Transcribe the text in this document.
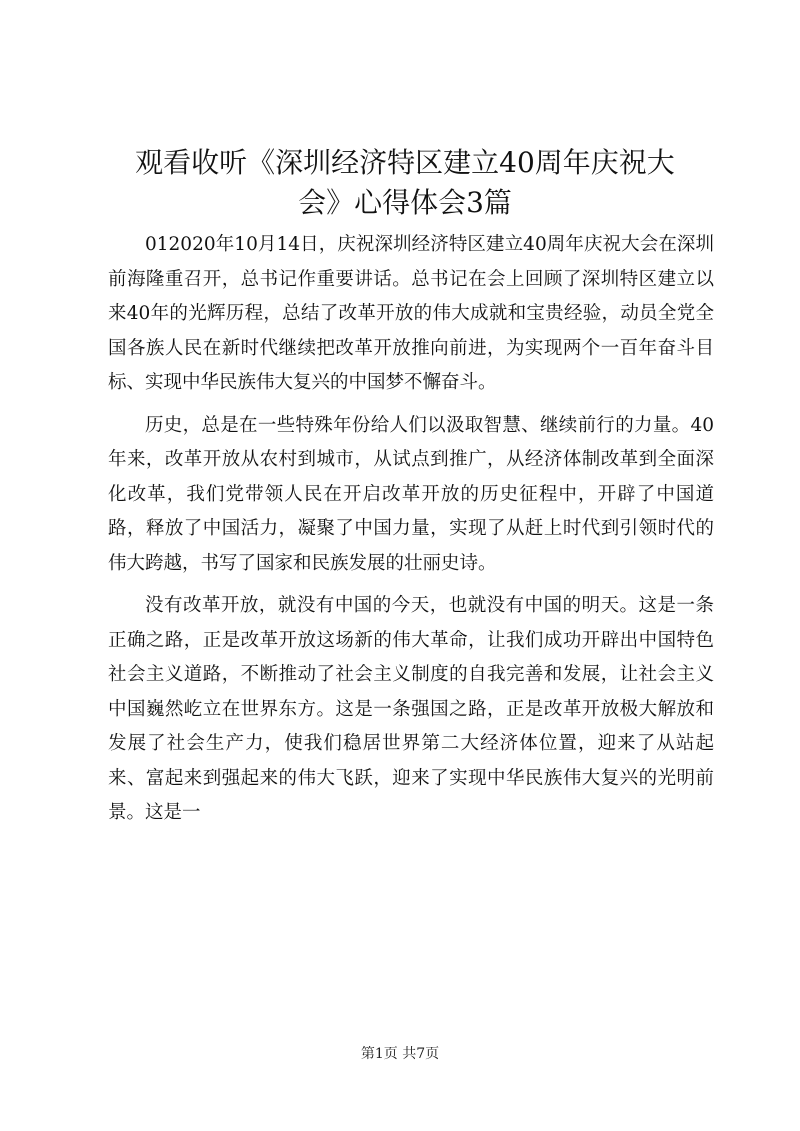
观看收听《深圳经济特区建立40周年庆祝大
会》心得体会3篇

012020年10月14日，庆祝深圳经济特区建立40周年庆祝大会在深圳前海隆重召开，总书记作重要讲话。总书记在会上回顾了深圳特区建立以来40年的光辉历程，总结了改革开放的伟大成就和宝贵经验，动员全党全国各族人民在新时代继续把改革开放推向前进，为实现两个一百年奋斗目标、实现中华民族伟大复兴的中国梦不懈奋斗。

历史，总是在一些特殊年份给人们以汲取智慧、继续前行的力量。40年来，改革开放从农村到城市，从试点到推广，从经济体制改革到全面深化改革，我们党带领人民在开启改革开放的历史征程中，开辟了中国道路，释放了中国活力，凝聚了中国力量，实现了从赶上时代到引领时代的伟大跨越，书写了国家和民族发展的壮丽史诗。

没有改革开放，就没有中国的今天，也就没有中国的明天。这是一条正确之路，正是改革开放这场新的伟大革命，让我们成功开辟出中国特色社会主义道路，不断推动了社会主义制度的自我完善和发展，让社会主义中国巍然屹立在世界东方。这是一条强国之路，正是改革开放极大解放和发展了社会生产力，使我们稳居世界第二大经济体位置，迎来了从站起来、富起来到强起来的伟大飞跃，迎来了实现中华民族伟大复兴的光明前景。这是一

第1页 共7页
